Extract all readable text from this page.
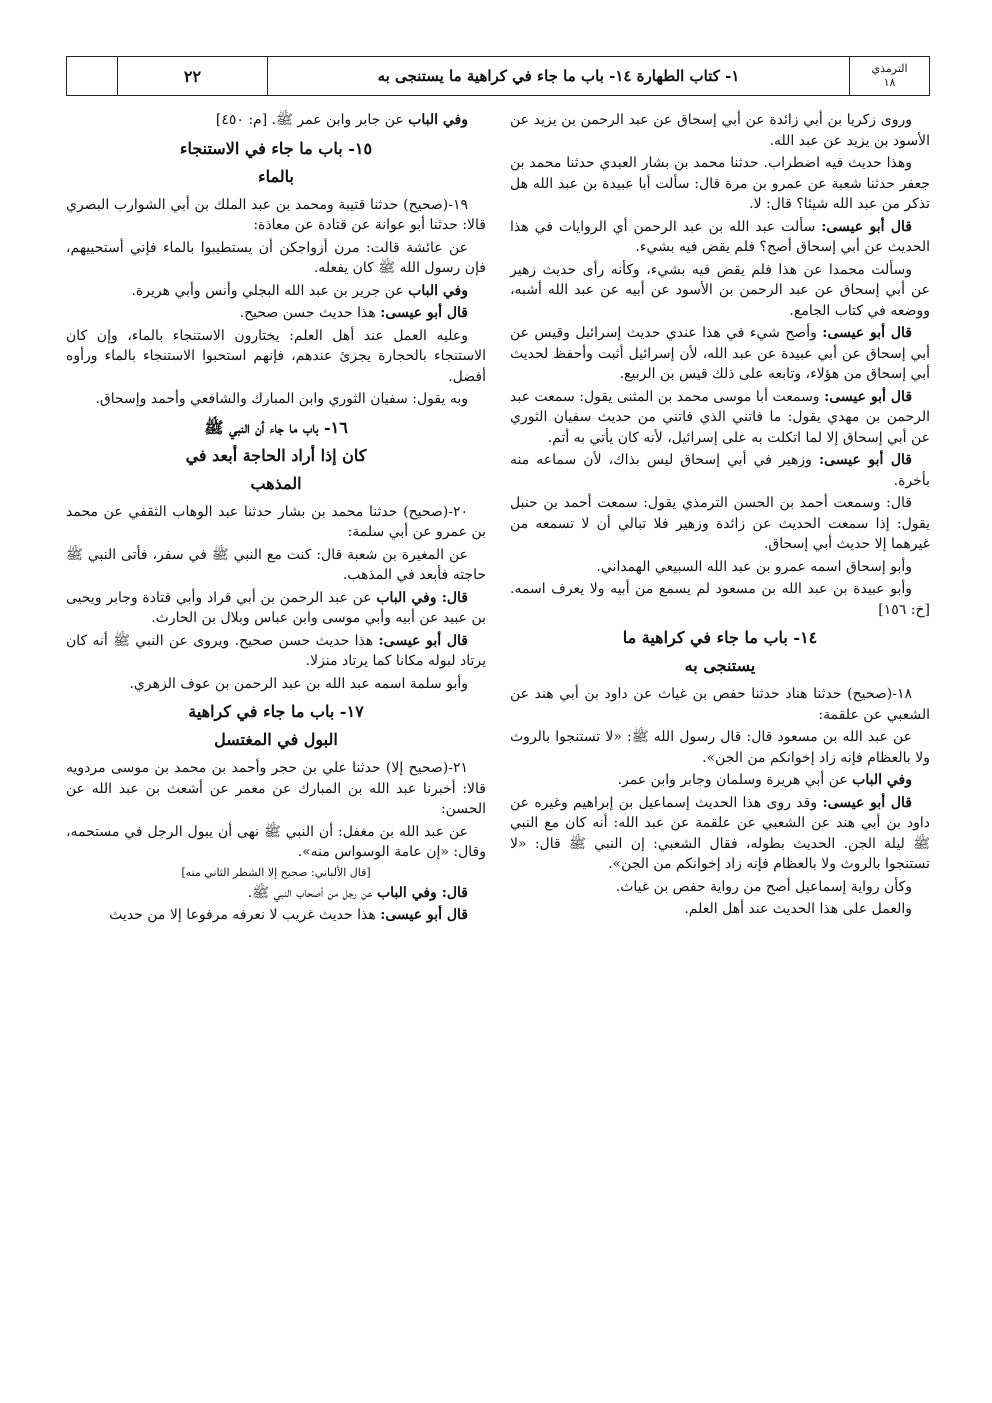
الترمذي
١٨
١- كتاب الطهارة ١٤- باب ما جاء في كراهية ما يستنجى به
٢٢

وروى زكريا بن أبي زائدة عن أبي إسحاق عن عبد الرحمن بن يزيد عن الأسود بن يزيد عن عبد الله.

وهذا حديث فيه اضطراب. حدثنا محمد بن بشار العبدي حدثنا محمد بن جعفر حدثنا شعبة عن عمرو بن مرة قال: سألت أبا عبيدة بن عبد الله هل تذكر من عبد الله شيئا؟ قال: لا.

قال أبو عيسى: سألت عبد الله بن عبد الرحمن أي الروايات في هذا الحديث عن أبي إسحاق أصح؟ فلم يقض فيه بشيء.

وسألت محمدا عن هذا فلم يقض فيه بشيء، وكأنه رأى حديث زهير عن أبي إسحاق عن عبد الرحمن بن الأسود عن أبيه عن عبد الله أشبه، ووضعه في كتاب الجامع.

قال أبو عيسى: وأصح شيء في هذا عندي حديث إسرائيل وقيس عن أبي إسحاق عن أبي عبيدة عن عبد الله، لأن إسرائيل أثبت وأحفظ لحديث أبي إسحاق من هؤلاء، وتابعه على ذلك قيس بن الربيع.

قال أبو عيسى: وسمعت أبا موسى محمد بن المثنى يقول: سمعت عبد الرحمن بن مهدي يقول: ما فاتني الذي فاتني من حديث سفيان الثوري عن أبي إسحاق إلا لما اتكلت به على إسرائيل، لأنه كان يأتي به أتم.

قال أبو عيسى: وزهير في أبي إسحاق ليس بذاك، لأن سماعه منه بأخرة.

قال: وسمعت أحمد بن الحسن الترمذي يقول: سمعت أحمد بن حنبل يقول: إذا سمعت الحديث عن زائدة وزهير فلا تبالي أن لا تسمعه من غيرهما إلا حديث أبي إسحاق.

وأبو إسحاق اسمه عمرو بن عبد الله السبيعي الهمداني.

وأبو عبيدة بن عبد الله بن مسعود لم يسمع من أبيه ولا يعرف اسمه. [خ: ١٥٦]

١٤- باب ما جاء في كراهية ما
يستنجى به

١٨-(صحيح) حدثنا هناد حدثنا حفص بن غياث عن داود بن أبي هند عن الشعبي عن علقمة:

عن عبد الله بن مسعود قال: قال رسول الله ﷺ: «لا تستنجوا بالروث ولا بالعظام فإنه زاد إخوانكم من الجن».

وفي الباب عن أبي هريرة وسلمان وجابر وابن عمر.

قال أبو عيسى: وقد روى هذا الحديث إسماعيل بن إبراهيم وغيره عن داود بن أبي هند عن الشعبي عن علقمة عن عبد الله: أنه كان مع النبي ﷺ ليلة الجن. الحديث بطوله، فقال الشعبي: إن النبي ﷺ قال: «لا تستنجوا بالروث ولا بالعظام فإنه زاد إخوانكم من الجن».

وكأن رواية إسماعيل أصح من رواية حفص بن غياث.

والعمل على هذا الحديث عند أهل العلم.

وفي الباب عن جابر وابن عمر ﷺ. [م: ٤٥٠]

١٥- باب ما جاء في الاستنجاء
بالماء

١٩-(صحيح) حدثنا قتيبة ومحمد بن عبد الملك بن أبي الشوارب البصري قالا: حدثنا أبو عوانة عن قتادة عن معاذة:

عن عائشة قالت: مرن أزواجكن أن يستطيبوا بالماء فإني أستحييهم، فإن رسول الله ﷺ كان يفعله.

وفي الباب عن جرير بن عبد الله البجلي وأنس وأبي هريرة.

قال أبو عيسى: هذا حديث حسن صحيح.

وعليه العمل عند أهل العلم: يختارون الاستنجاء بالماء، وإن كان الاستنجاء بالحجارة يجزئ عندهم، فإنهم استحبوا الاستنجاء بالماء ورأوه أفضل.

وبه يقول: سفيان الثوري وابن المبارك والشافعي وأحمد وإسحاق.

١٦- باب ما جاء أن النبي ﷺ
كان إذا أراد الحاجة أبعد في
المذهب

٢٠-(صحيح) حدثنا محمد بن بشار حدثنا عبد الوهاب الثقفي عن محمد بن عمرو عن أبي سلمة:

عن المغيرة بن شعبة قال: كنت مع النبي ﷺ في سفر، فأتى النبي ﷺ حاجته فأبعد في المذهب.

قال: وفي الباب عن عبد الرحمن بن أبي قراد وأبي قتادة وجابر ويحيى بن عبيد عن أبيه وأبي موسى وابن عباس وبلال بن الحارث.

قال أبو عيسى: هذا حديث حسن صحيح. ويروى عن النبي ﷺ أنه كان يرتاد لبوله مكانا كما يرتاد منزلا.

وأبو سلمة اسمه عبد الله بن عبد الرحمن بن عوف الزهري.

١٧- باب ما جاء في كراهية
البول في المغتسل

٢١-(صحيح إلا) حدثنا علي بن حجر وأحمد بن محمد بن موسى مردويه قالا: أخبرنا عبد الله بن المبارك عن معمر عن أشعث بن عبد الله عن الحسن:

عن عبد الله بن مغفل: أن النبي ﷺ نهى أن يبول الرجل في مستحمه، وقال: «إن عامة الوسواس منه».

[قال الألباني: صحيح إلا الشطر الثاني منه]

قال: وفي الباب عن رجل من أصحاب النبي ﷺ.

قال أبو عيسى: هذا حديث غريب لا نعرفه مرفوعا إلا من حديث
